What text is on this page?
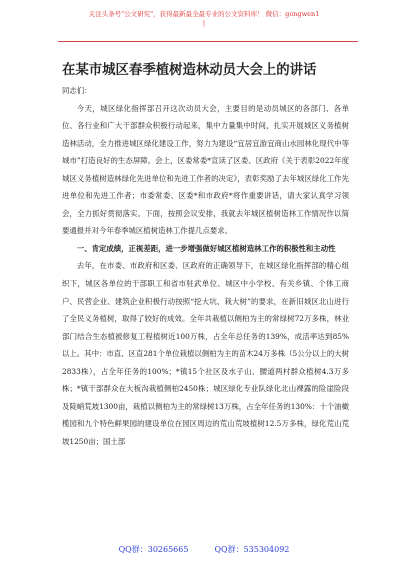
关注头条号"公文研究"，获得最新最全最专业的公文资料库！ 微信：gongwen1
|
在某市城区春季植树造林动员大会上的讲话

同志们：

今天，城区绿化指挥部召开这次动员大会，主要目的是动员城区的各部门、各单位、各行业和广大干部群众积极行动起来，集中力量集中时间，扎实开展城区义务植树造林活动，全力推进城区绿化建设工作，努力为建设“宜居宜游宜商山水园林化现代中等城市”打造良好的生态屏障。会上，区委常委*宣读了区委、区政府《关于表彰2022年度城区义务植树造林绿化先进单位和先进工作者的决定》，表彰奖励了去年城区绿化工作先进单位和先进工作者；市委常委、区委*和市政府*将作重要讲话，请大家认真学习领会，全力抓好贯彻落实。下面，按照会议安排，我就去年城区植树造林工作情况作以简要通报并对今年春季城区植树造林工作提几点要求。

一、肯定成绩，正视差距，进一步增强做好城区植树造林工作的积极性和主动性

去年，在市委、市政府和区委、区政府的正确领导下，在城区绿化指挥部的精心组织下，城区各单位的干部职工和省市驻武单位、城区中小学校、有关乡镇、个体工商户、民营企业、建筑企业积极行动按照“挖大坑、栽大树”的要求，在新旧城区北山进行了全民义务植树，取得了较好的成效。全年共栽植以侧柏为主的常绿树72万多株，林业部门结合生态植被修复工程植树近100万株，占全年总任务的139%，成活率达到85%以上。其中：市直、区直281个单位栽植以侧柏为主的苗木24万多株（5公分以上的大树2833株），占全年任务的100%；*镇15个社区及水子山、腰道两村群众植树4.3万多株；*镇干部群众在大板沟栽植侧柏2450株；城区绿化专业队绿化北山裸露的险崖险段及陡峭荒坡1300亩，栽植以侧柏为主的常绿树13万株，占全年任务的130%：十个油橄榄园和九个特色鲜果园的建设单位在园区周边的荒山荒坡植树12.5万多株，绿化荒山荒坡1250亩；国土部

QQ群：30265665	QQ群：535304092
